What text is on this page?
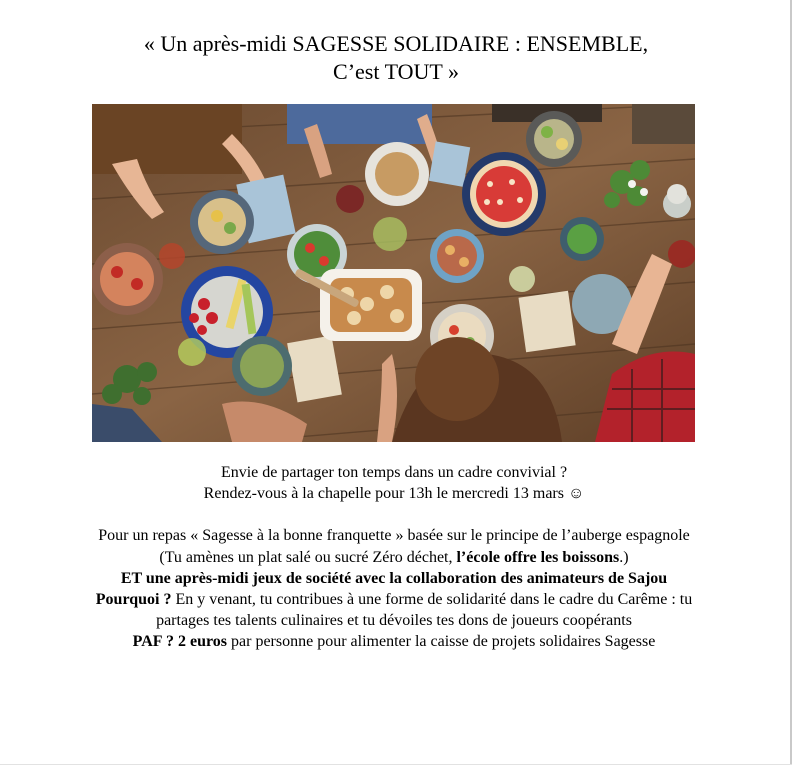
« Un après-midi SAGESSE SOLIDAIRE : ENSEMBLE,
C’est TOUT »

Envie de partager ton temps dans un cadre convivial ?

Rendez-vous à la chapelle pour 13h le mercredi 13 mars ☺

Pour un repas « Sagesse à la bonne franquette » basée sur le principe de l’auberge espagnole (Tu amènes un plat salé ou sucré Zéro déchet, l’école offre les boissons.)

ET une après-midi jeux de société avec la collaboration des animateurs de Sajou

Pourquoi ? En y venant, tu contribues à une forme de solidarité dans le cadre du Carême : tu partages tes talents culinaires et tu dévoiles tes dons de joueurs coopérants

PAF ? 2 euros par personne pour alimenter la caisse de projets solidaires Sagesse
